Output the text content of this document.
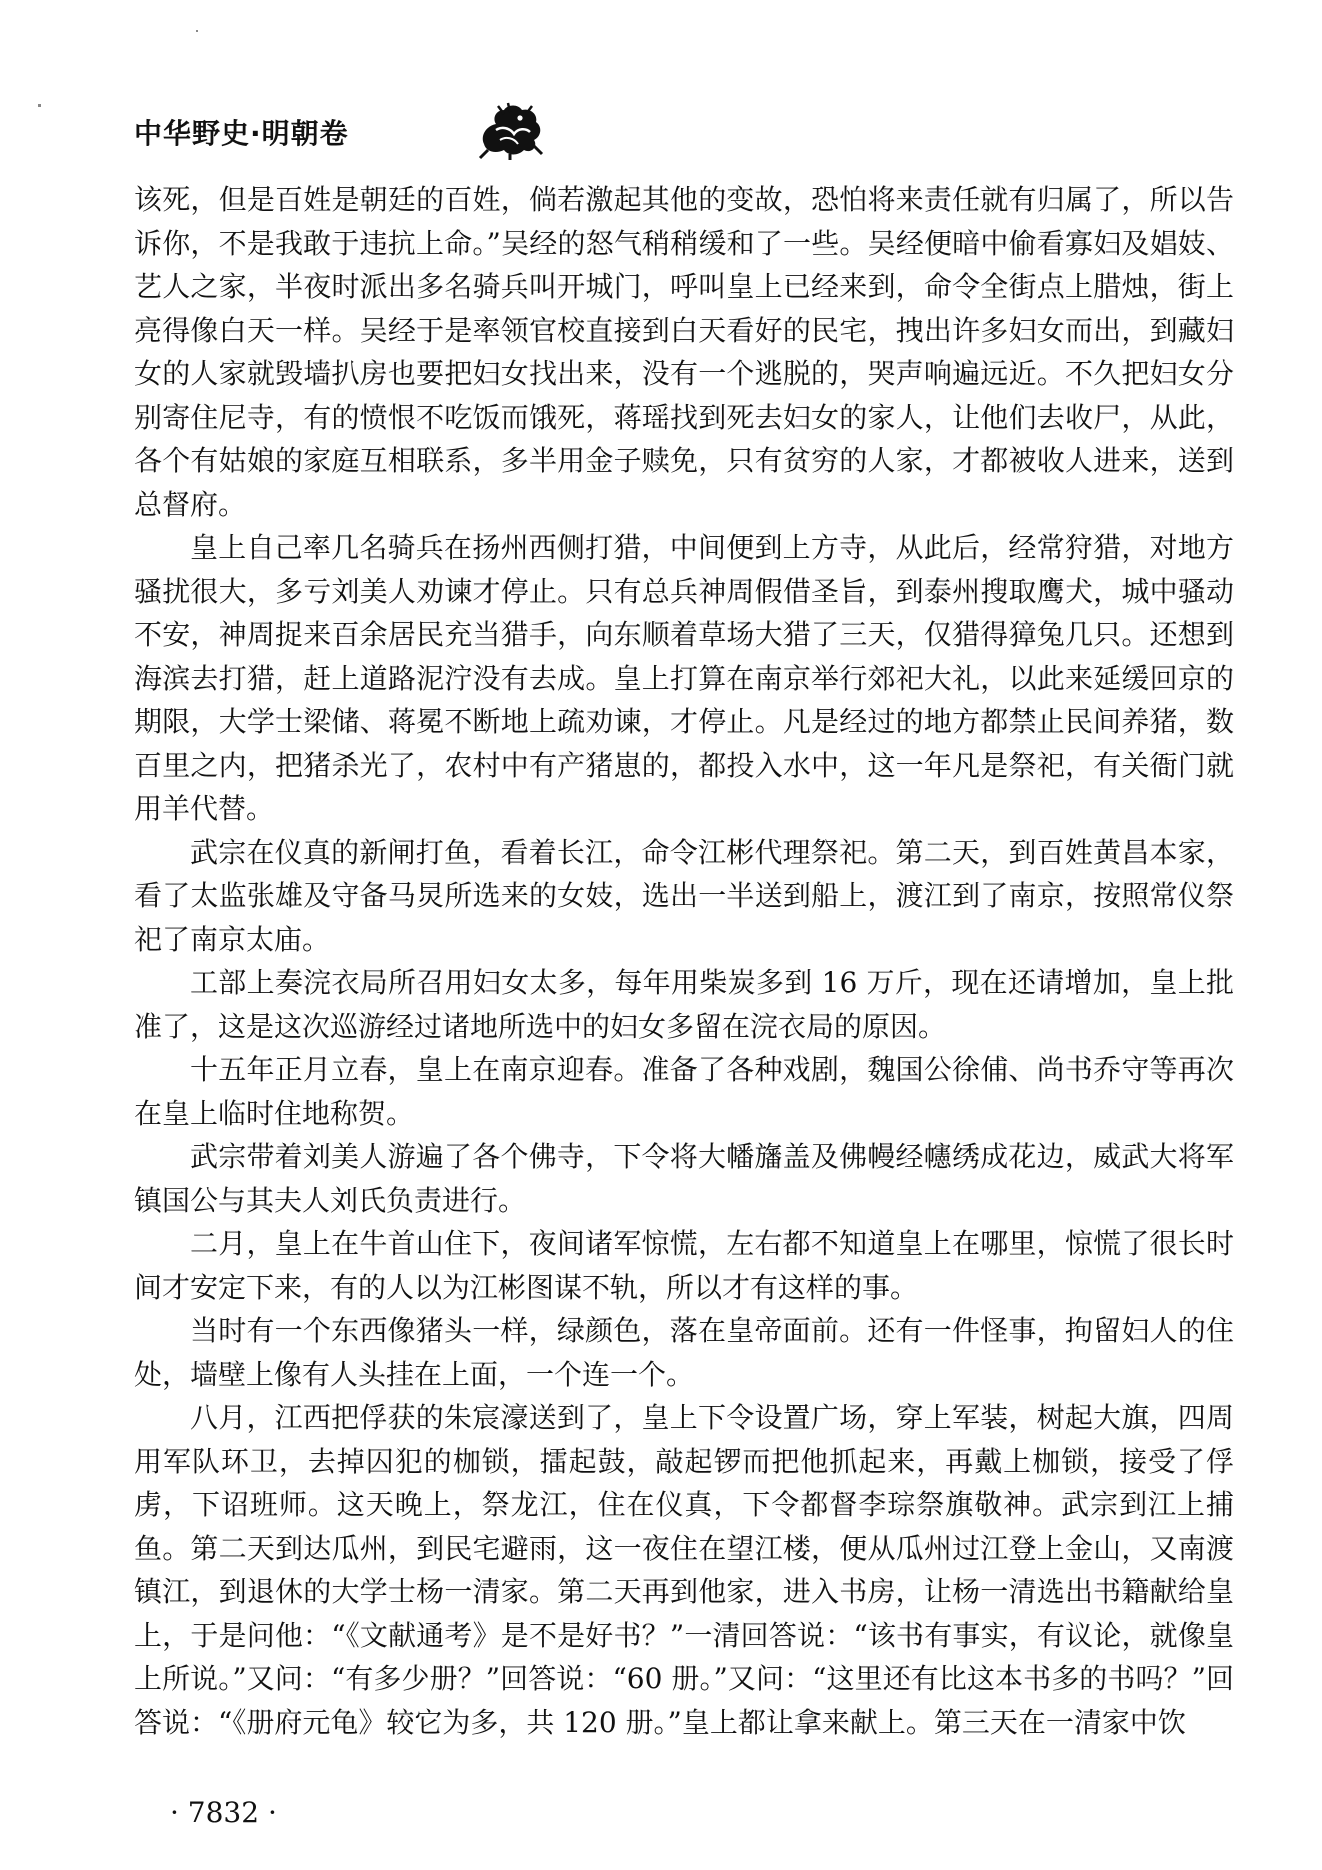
中华野史·明朝卷

该死，但是百姓是朝廷的百姓，倘若激起其他的变故，恐怕将来责任就有归属了，所以告诉你，不是我敢于违抗上命。”吴经的怒气稍稍缓和了一些。吴经便暗中偷看寡妇及娼妓、艺人之家，半夜时派出多名骑兵叫开城门，呼叫皇上已经来到，命令全街点上腊烛，街上亮得像白天一样。吴经于是率领官校直接到白天看好的民宅，拽出许多妇女而出，到藏妇女的人家就毁墙扒房也要把妇女找出来，没有一个逃脱的，哭声响遍远近。不久把妇女分别寄住尼寺，有的愤恨不吃饭而饿死，蒋瑶找到死去妇女的家人，让他们去收尸，从此，各个有姑娘的家庭互相联系，多半用金子赎免，只有贫穷的人家，才都被收人进来，送到总督府。

皇上自己率几名骑兵在扬州西侧打猎，中间便到上方寺，从此后，经常狩猎，对地方骚扰很大，多亏刘美人劝谏才停止。只有总兵神周假借圣旨，到泰州搜取鹰犬，城中骚动不安，神周捉来百余居民充当猎手，向东顺着草场大猎了三天，仅猎得獐兔几只。还想到海滨去打猎，赶上道路泥泞没有去成。皇上打算在南京举行郊祀大礼，以此来延缓回京的期限，大学士梁储、蒋冕不断地上疏劝谏，才停止。凡是经过的地方都禁止民间养猪，数百里之内，把猪杀光了，农村中有产猪崽的，都投入水中，这一年凡是祭祀，有关衙门就用羊代替。

武宗在仪真的新闸打鱼，看着长江，命令江彬代理祭祀。第二天，到百姓黄昌本家，看了太监张雄及守备马炅所选来的女妓，选出一半送到船上，渡江到了南京，按照常仪祭祀了南京太庙。

工部上奏浣衣局所召用妇女太多，每年用柴炭多到 16 万斤，现在还请增加，皇上批准了，这是这次巡游经过诸地所选中的妇女多留在浣衣局的原因。

十五年正月立春，皇上在南京迎春。准备了各种戏剧，魏国公徐俌、尚书乔守等再次在皇上临时住地称贺。

武宗带着刘美人游遍了各个佛寺，下令将大幡旛盖及佛幔经幰绣成花边，威武大将军镇国公与其夫人刘氏负责进行。

二月，皇上在牛首山住下，夜间诸军惊慌，左右都不知道皇上在哪里，惊慌了很长时间才安定下来，有的人以为江彬图谋不轨，所以才有这样的事。

当时有一个东西像猪头一样，绿颜色，落在皇帝面前。还有一件怪事，拘留妇人的住处，墙壁上像有人头挂在上面，一个连一个。

八月，江西把俘获的朱宸濠送到了，皇上下令设置广场，穿上军装，树起大旗，四周用军队环卫，去掉囚犯的枷锁，擂起鼓，敲起锣而把他抓起来，再戴上枷锁，接受了俘虏，下诏班师。这天晚上，祭龙江，住在仪真，下令都督李琮祭旗敬神。武宗到江上捕鱼。第二天到达瓜州，到民宅避雨，这一夜住在望江楼，便从瓜州过江登上金山，又南渡镇江，到退休的大学士杨一清家。第二天再到他家，进入书房，让杨一清选出书籍献给皇上，于是问他：“《文献通考》是不是好书？”一清回答说：“该书有事实，有议论，就像皇上所说。”又问：“有多少册？”回答说：“60 册。”又问：“这里还有比这本书多的书吗？”回答说：“《册府元龟》较它为多，共 120 册。”皇上都让拿来献上。第三天在一清家中饮

· 7832 ·
